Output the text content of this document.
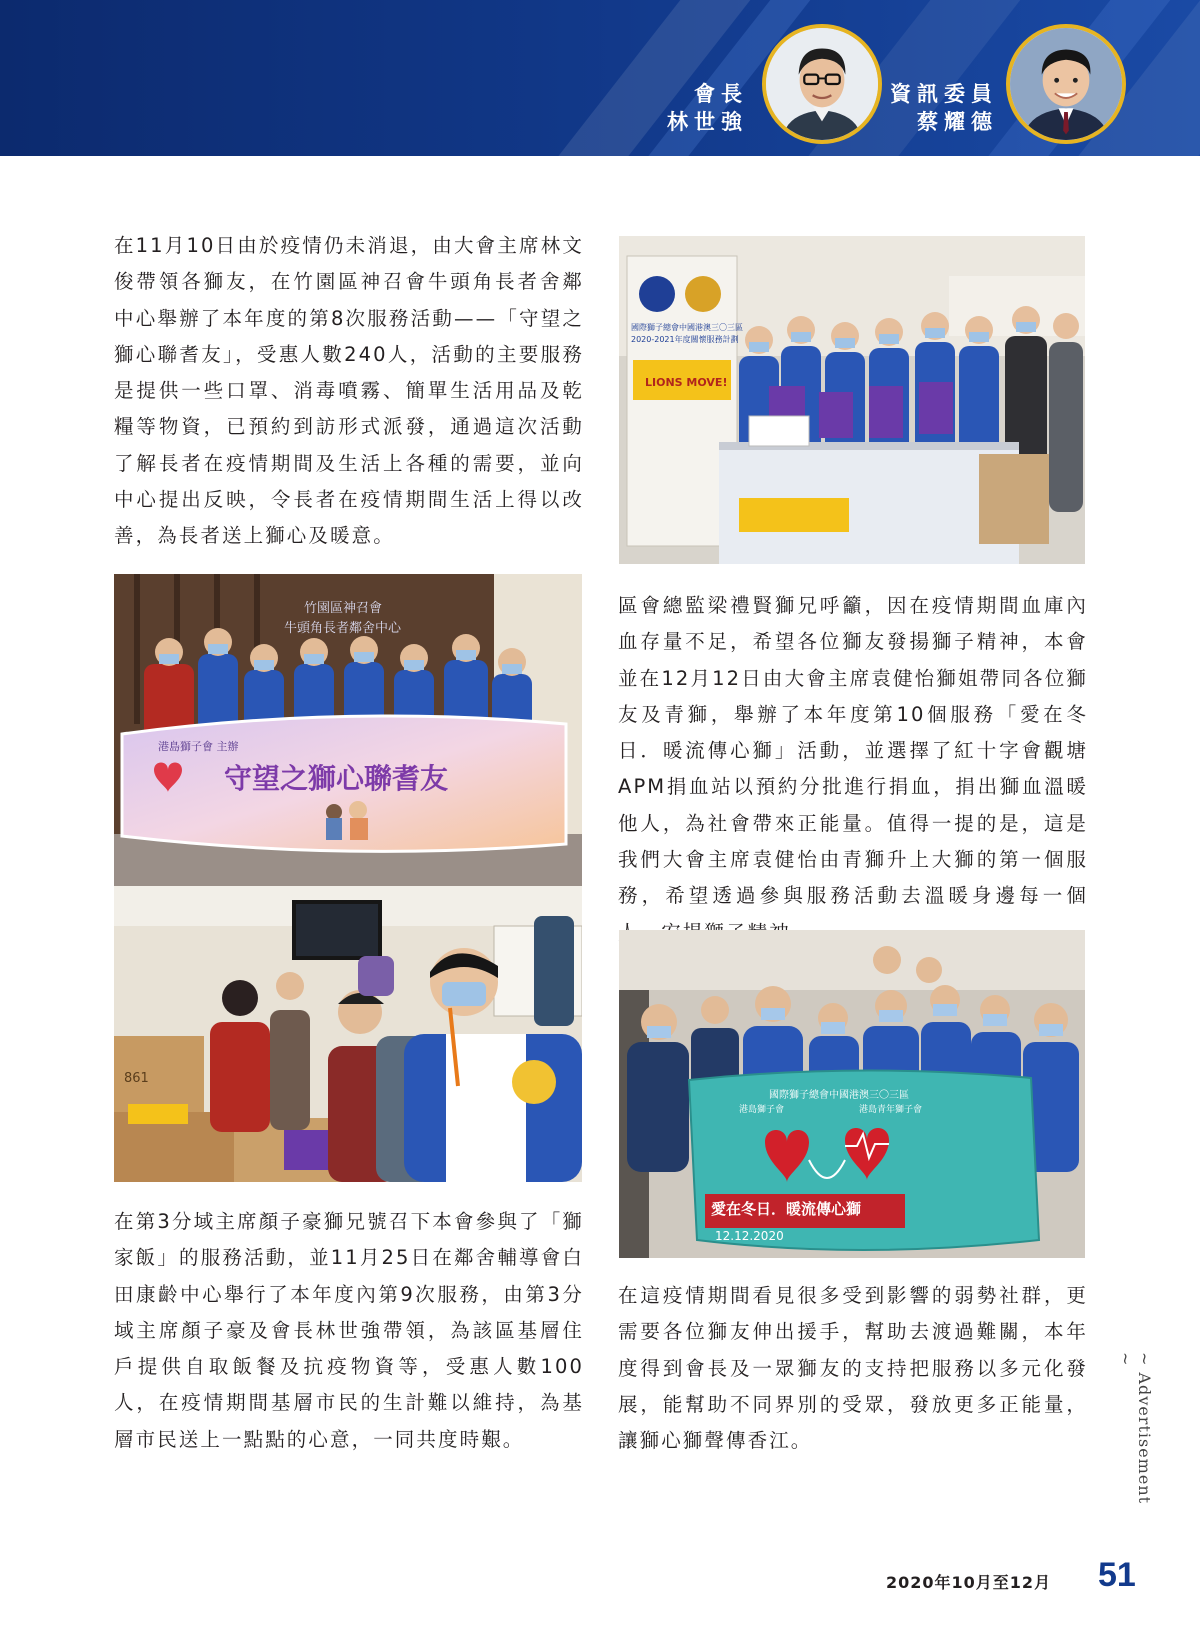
會長
林世強
資訊委員
蔡耀德

在11月10日由於疫情仍未消退，由大會主席林文俊帶領各獅友，在竹園區神召會牛頭角長者舍鄰中心舉辦了本年度的第8次服務活動——「守望之獅心聯耆友」，受惠人數240人，活動的主要服務是提供一些口罩、消毒噴霧、簡單生活用品及乾糧等物資，已預約到訪形式派發，通過這次活動了解長者在疫情期間及生活上各種的需要，並向中心提出反映，令長者在疫情期間生活上得以改善，為長者送上獅心及暖意。

區會總監梁禮賢獅兄呼籲，因在疫情期間血庫內血存量不足，希望各位獅友發揚獅子精神，本會並在12月12日由大會主席袁健怡獅姐帶同各位獅友及青獅，舉辦了本年度第10個服務「愛在冬日．暖流傳心獅」活動，並選擇了紅十字會觀塘APM捐血站以預約分批進行捐血，捐出獅血溫暖他人，為社會帶來正能量。值得一提的是，這是我們大會主席袁健怡由青獅升上大獅的第一個服務，希望透過參與服務活動去溫暖身邊每一個

在第3分域主席顏子豪獅兄號召下本會參與了「獅家飯」的服務活動，並11月25日在鄰舍輔導會白田康齡中心舉行了本年度內第9次服務，由第3分域主席顏子豪及會長林世強帶領，為該區基層住戶提供自取飯餐及抗疫物資等，受惠人數100人，在疫情期間基層市民的生計難以維持，為基層市民送上一點點的心意，一同共度時艱。

在這疫情期間看見很多受到影響的弱勢社群，更需要各位獅友伸出援手，幫助去渡過難關，本年度得到會長及一眾獅友的支持把服務以多元化發展，能幫助不同界別的受眾，發放更多正能量，讓獅心獅聲傳香江。

國際獅子總會中國港澳三〇三區
2020-2021年度關懷服務計劃
LIONS MOVE!
竹園區神召會
牛頭角長者鄰舍中心
港島獅子會 主辦
守望之獅心聯耆友
861
國際獅子總會中國港澳三〇三區
港島獅子會	港島青年獅子會
愛在冬日．暖流傳心獅
12.12.2020
~ Advertisement ~
2020年10月至12月 51
